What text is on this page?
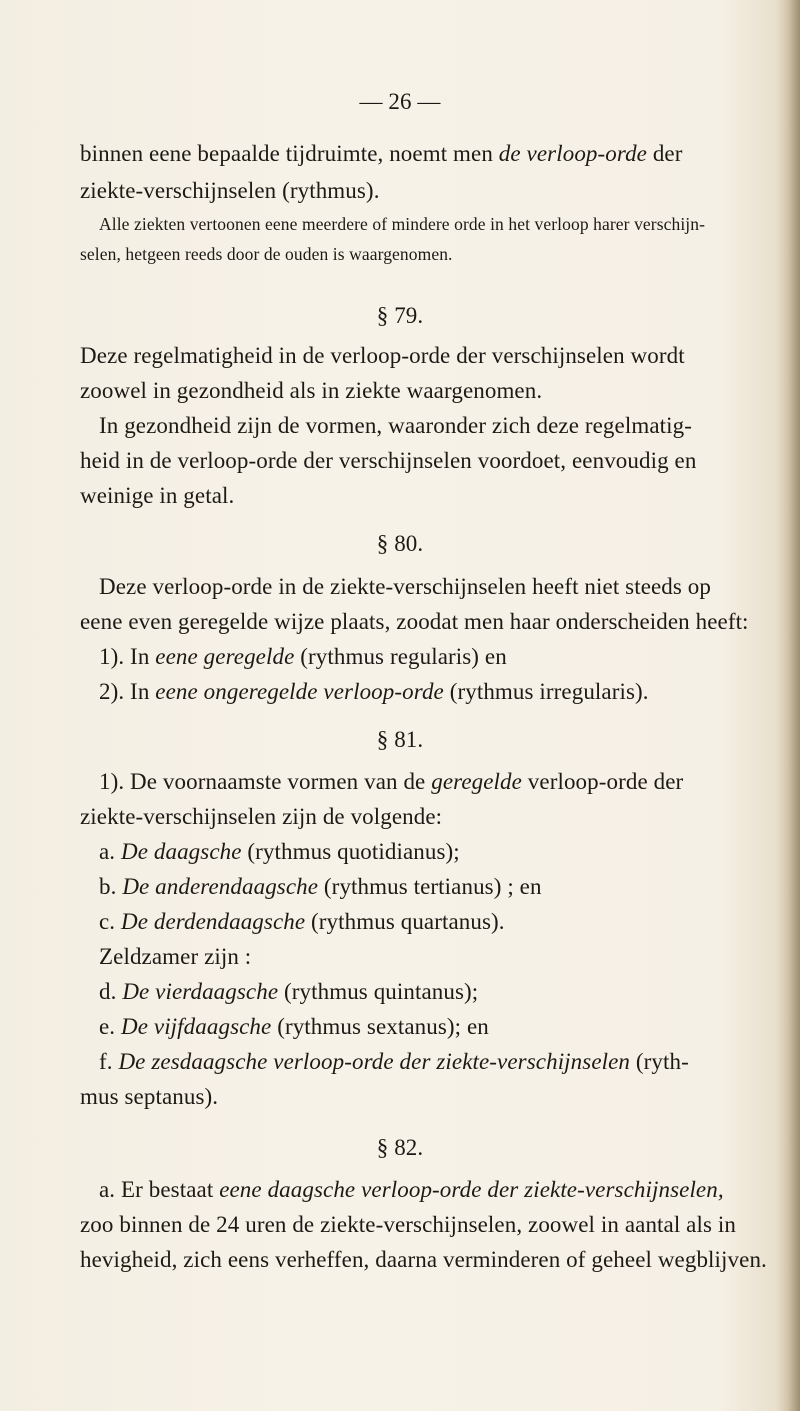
— 26 —
binnen eene bepaalde tijdruimte, noemt men de verloop-orde der
ziekte-verschijnselen (rythmus).
Alle ziekten vertoonen eene meerdere of mindere orde in het verloop harer verschijn-
selen, hetgeen reeds door de ouden is waargenomen.
§ 79.
Deze regelmatigheid in de verloop-orde der verschijnselen wordt
zoowel in gezondheid als in ziekte waargenomen.
In gezondheid zijn de vormen, waaronder zich deze regelmatig-
heid in de verloop-orde der verschijnselen voordoet, eenvoudig en
weinige in getal.
§ 80.
Deze verloop-orde in de ziekte-verschijnselen heeft niet steeds op
eene even geregelde wijze plaats, zoodat men haar onderscheiden heeft:
1). In eene geregelde (rythmus regularis) en
2). In eene ongeregelde verloop-orde (rythmus irregularis).
§ 81.
1). De voornaamste vormen van de geregelde verloop-orde der
ziekte-verschijnselen zijn de volgende:
a. De daagsche (rythmus quotidianus);
b. De anderendaagsche (rythmus tertianus) ; en
c. De derdendaagsche (rythmus quartanus).
Zeldzamer zijn :
d. De vierdaagsche (rythmus quintanus);
e. De vijfdaagsche (rythmus sextanus); en
f. De zesdaagsche verloop-orde der ziekte-verschijnselen (ryth-
mus septanus).
§ 82.
a. Er bestaat eene daagsche verloop-orde der ziekte-verschijnselen,
zoo binnen de 24 uren de ziekte-verschijnselen, zoowel in aantal als in
hevigheid, zich eens verheffen, daarna verminderen of geheel wegblijven.
